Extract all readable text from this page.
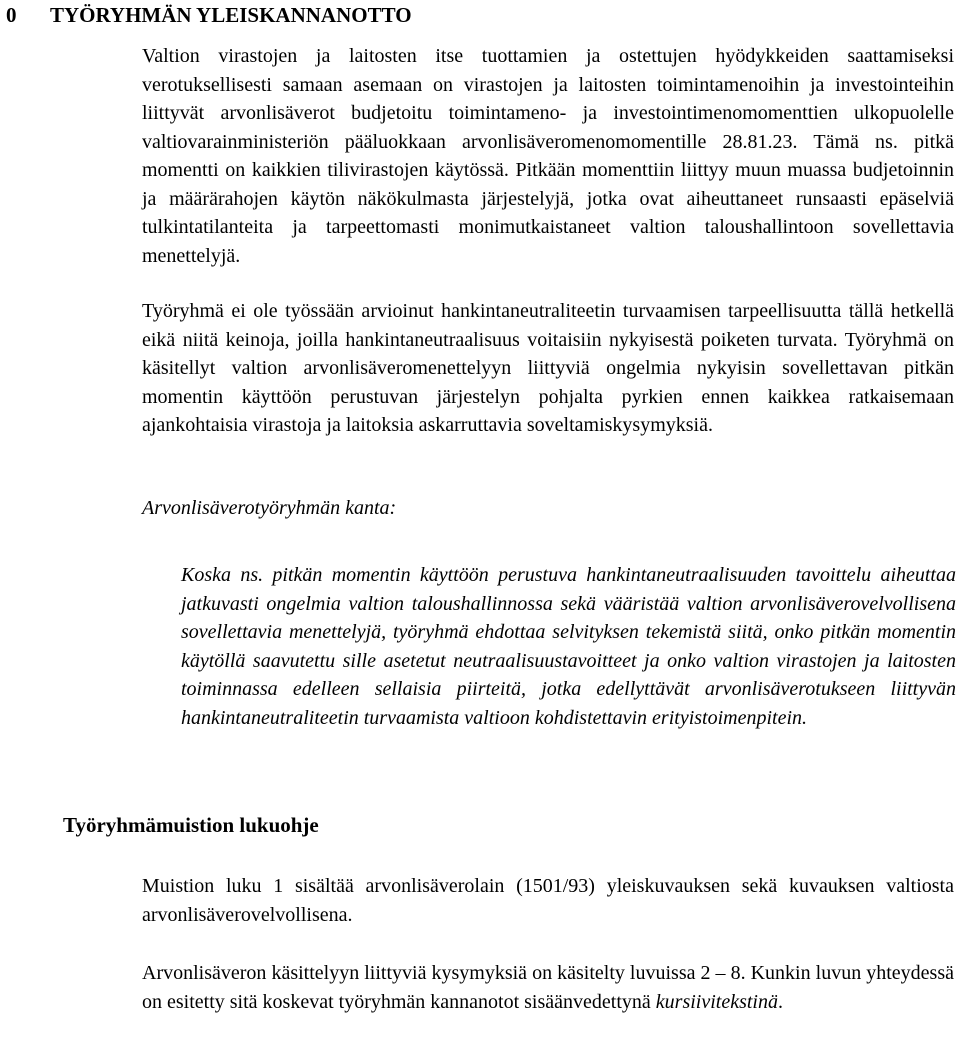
0 TYÖRYHMÄN YLEISKANNANOTTO

Valtion virastojen ja laitosten itse tuottamien ja ostettujen hyödykkeiden saattamiseksi verotuksellisesti samaan asemaan on virastojen ja laitosten toimintamenoihin ja investointeihin liittyvät arvonlisäverot budjetoitu toimintameno- ja investointimenomomenttien ulkopuolelle valtiovarainministeriön pääluokkaan arvonlisäveromenomomentille 28.81.23. Tämä ns. pitkä momentti on kaikkien tilivirastojen käytössä. Pitkään momenttiin liittyy muun muassa budjetoinnin ja määrärahojen käytön näkökulmasta järjestelyjä, jotka ovat aiheuttaneet runsaasti epäselviä tulkintatilanteita ja tarpeettomasti monimutkaistaneet valtion taloushallintoon sovellettavia menettelyjä.

Työryhmä ei ole työssään arvioinut hankintaneutraliteetin turvaamisen tarpeellisuutta tällä hetkellä eikä niitä keinoja, joilla hankintaneutraalisuus voitaisiin nykyisestä poiketen turvata. Työryhmä on käsitellyt valtion arvonlisäveromenettelyyn liittyviä ongelmia nykyisin sovellettavan pitkän momentin käyttöön perustuvan järjestelyn pohjalta pyrkien ennen kaikkea ratkaisemaan ajankohtaisia virastoja ja laitoksia askarruttavia soveltamiskysymyksiä.

Arvonlisäverotyöryhmän kanta:

Koska ns. pitkän momentin käyttöön perustuva hankintaneutraalisuuden tavoittelu aiheuttaa jatkuvasti ongelmia valtion taloushallinnossa sekä vääristää valtion arvonlisäverovelvollisena sovellettavia menettelyjä, työryhmä ehdottaa selvityksen tekemistä siitä, onko pitkän momentin käytöllä saavutettu sille asetetut neutraalisuustavoitteet ja onko valtion virastojen ja laitosten toiminnassa edelleen sellaisia piirteitä, jotka edellyttävät arvonlisäverotukseen liittyvän hankintaneutraliteetin turvaamista valtioon kohdistettavin erityistoimenpitein.

Työryhmämuistion lukuohje

Muistion luku 1 sisältää arvonlisäverolain (1501/93) yleiskuvauksen sekä kuvauksen valtiosta arvonlisäverovelvollisena.

Arvonlisäveron käsittelyyn liittyviä kysymyksiä on käsitelty luvuissa 2 – 8. Kunkin luvun yhteydessä on esitetty sitä koskevat työryhmän kannanotot sisäänvedettynä kursiivitekstinä.
